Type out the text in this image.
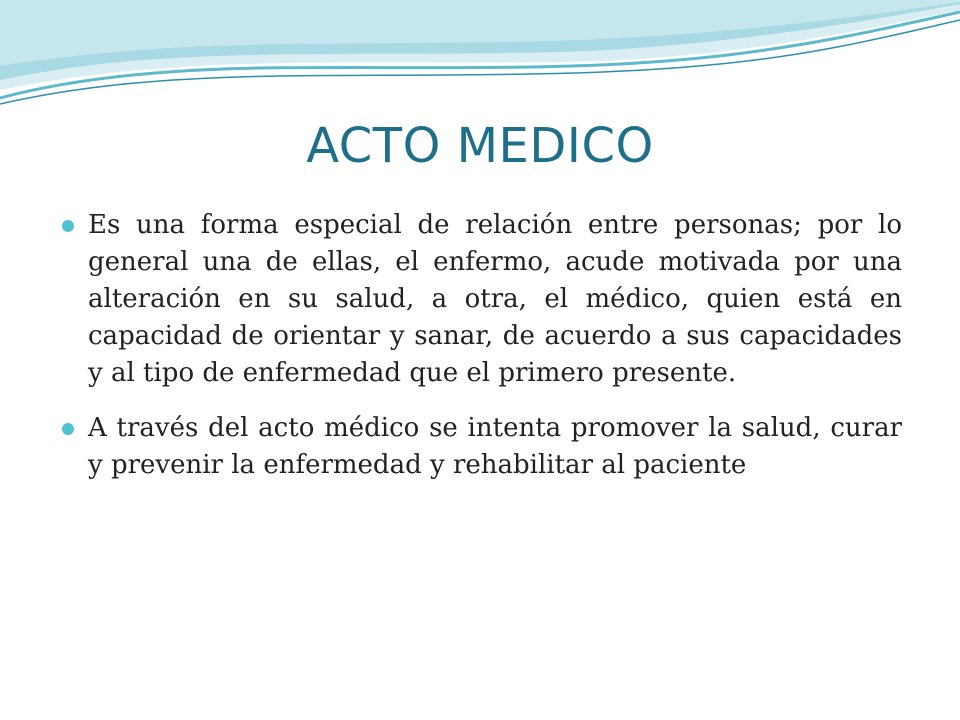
ACTO MEDICO
Es una forma especial de relación entre personas; por lo general una de ellas, el enfermo, acude motivada por una alteración en su salud, a otra, el médico, quien está en capacidad de orientar y sanar, de acuerdo a sus capacidades y al tipo de enfermedad que el primero presente.
A través del acto médico se intenta promover la salud, curar y prevenir la enfermedad y rehabilitar al paciente
